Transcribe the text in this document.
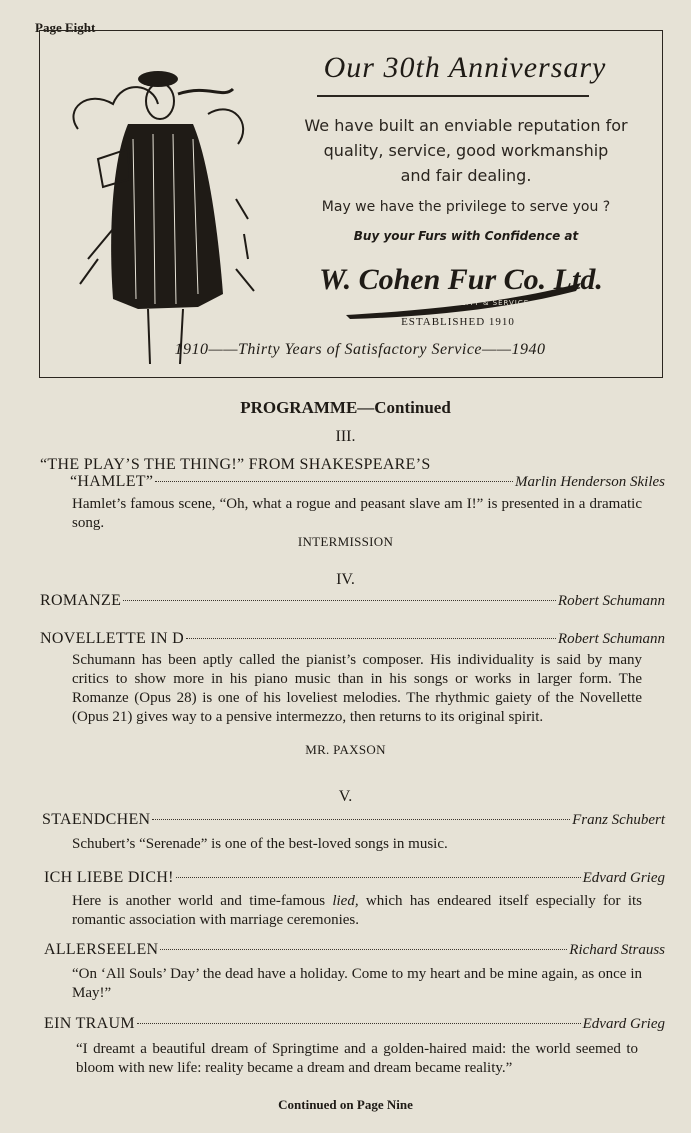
Page Eight
Our 30th Anniversary
We have built an enviable reputation for
quality, service, good workmanship
and fair dealing.
May we have the privilege to serve you ?
Buy your Furs with Confidence at
W. Cohen Fur Co. Ltd.
QUALITY & SERVICE
ESTABLISHED 1910
1910——Thirty Years of Satisfactory Service——1940
PROGRAMME—Continued
III.
“THE PLAY’S THE THING!” FROM SHAKESPEARE’S
“HAMLET”	Marlin Henderson Skiles
Hamlet’s famous scene, “Oh, what a rogue and peasant slave am I!” is presented in a dramatic song.
INTERMISSION
IV.
ROMANZE	Robert Schumann
NOVELLETTE IN D	Robert Schumann
Schumann has been aptly called the pianist’s composer. His individuality is said by many critics to show more in his piano music than in his songs or works in larger form. The Romanze (Opus 28) is one of his loveliest melodies. The rhythmic gaiety of the Novellette (Opus 21) gives way to a pensive intermezzo, then returns to its original spirit.
MR. PAXSON
V.
STAENDCHEN	Franz Schubert
Schubert’s “Serenade” is one of the best-loved songs in music.
ICH LIEBE DICH!	Edvard Grieg
Here is another world and time-famous lied, which has endeared itself especially for its romantic association with marriage ceremonies.
ALLERSEELEN	Richard Strauss
“On ‘All Souls’ Day’ the dead have a holiday. Come to my heart and be mine again, as once in May!”
EIN TRAUM	Edvard Grieg
“I dreamt a beautiful dream of Springtime and a golden-haired maid: the world seemed to bloom with new life: reality became a dream and dream became reality.”
Continued on Page Nine
